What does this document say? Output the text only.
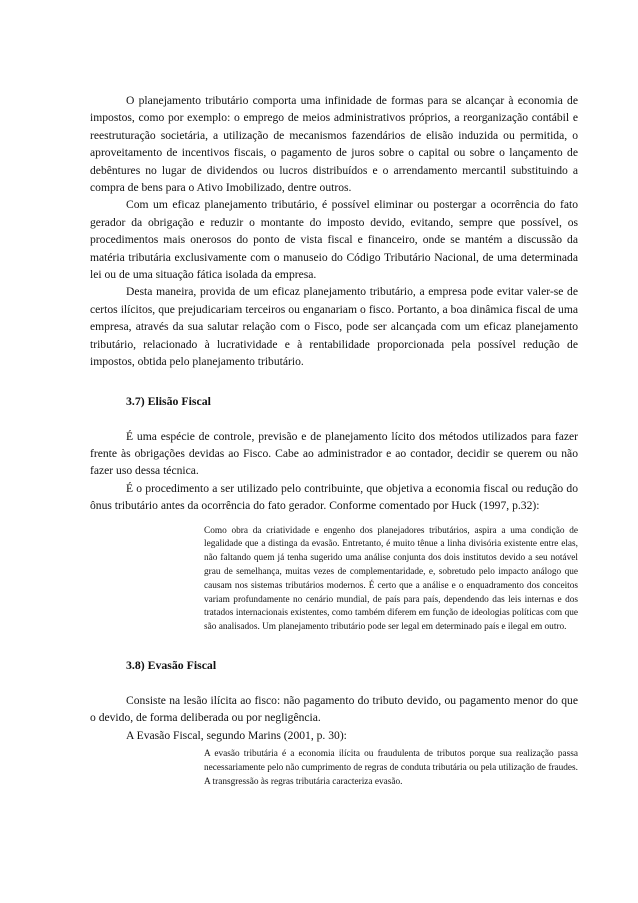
O planejamento tributário comporta uma infinidade de formas para se alcançar à economia de impostos, como por exemplo: o emprego de meios administrativos próprios, a reorganização contábil e reestruturação societária, a utilização de mecanismos fazendários de elisão induzida ou permitida, o aproveitamento de incentivos fiscais, o pagamento de juros sobre o capital ou sobre o lançamento de debêntures no lugar de dividendos ou lucros distribuídos e o arrendamento mercantil substituindo a compra de bens para o Ativo Imobilizado, dentre outros.

Com um eficaz planejamento tributário, é possível eliminar ou postergar a ocorrência do fato gerador da obrigação e reduzir o montante do imposto devido, evitando, sempre que possível, os procedimentos mais onerosos do ponto de vista fiscal e financeiro, onde se mantém a discussão da matéria tributária exclusivamente com o manuseio do Código Tributário Nacional, de uma determinada lei ou de uma situação fática isolada da empresa.

Desta maneira, provida de um eficaz planejamento tributário, a empresa pode evitar valer-se de certos ilícitos, que prejudicariam terceiros ou enganariam o fisco. Portanto, a boa dinâmica fiscal de uma empresa, através da sua salutar relação com o Fisco, pode ser alcançada com um eficaz planejamento tributário, relacionado à lucratividade e à rentabilidade proporcionada pela possível redução de impostos, obtida pelo planejamento tributário.

3.7) Elisão Fiscal

É uma espécie de controle, previsão e de planejamento lícito dos métodos utilizados para fazer frente às obrigações devidas ao Fisco. Cabe ao administrador e ao contador, decidir se querem ou não fazer uso dessa técnica.

É o procedimento a ser utilizado pelo contribuinte, que objetiva a economia fiscal ou redução do ônus tributário antes da ocorrência do fato gerador. Conforme comentado por Huck (1997, p.32):

Como obra da criatividade e engenho dos planejadores tributários, aspira a uma condição de legalidade que a distinga da evasão. Entretanto, é muito tênue a linha divisória existente entre elas, não faltando quem já tenha sugerido uma análise conjunta dos dois institutos devido a seu notável grau de semelhança, muitas vezes de complementaridade, e, sobretudo pelo impacto análogo que causam nos sistemas tributários modernos. É certo que a análise e o enquadramento dos conceitos variam profundamente no cenário mundial, de país para país, dependendo das leis internas e dos tratados internacionais existentes, como também diferem em função de ideologias políticas com que são analisados. Um planejamento tributário pode ser legal em determinado país e ilegal em outro.
3.8) Evasão Fiscal

Consiste na lesão ilícita ao fisco: não pagamento do tributo devido, ou pagamento menor do que o devido, de forma deliberada ou por negligência.

A Evasão Fiscal, segundo Marins (2001, p. 30):

A evasão tributária é a economia ilícita ou fraudulenta de tributos porque sua realização passa necessariamente pelo não cumprimento de regras de conduta tributária ou pela utilização de fraudes. A transgressão às regras tributária caracteriza evasão.
